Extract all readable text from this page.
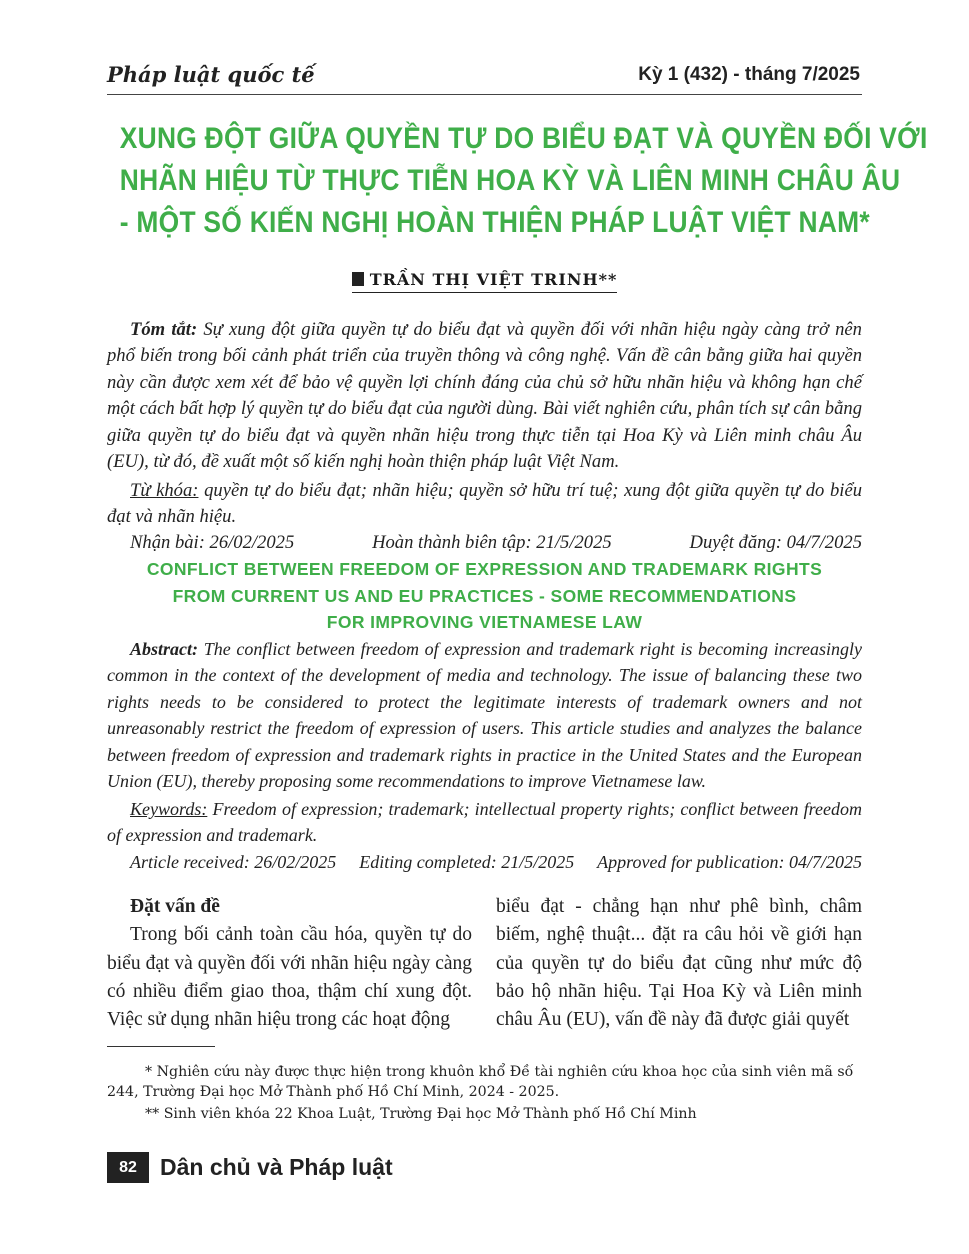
Pháp luật quốc tế	Kỳ 1 (432) - tháng 7/2025
XUNG ĐỘT GIỮA QUYỀN TỰ DO BIỂU ĐẠT VÀ QUYỀN ĐỐI VỚI
NHÃN HIỆU TỪ THỰC TIỄN HOA KỲ VÀ LIÊN MINH CHÂU ÂU
- MỘT SỐ KIẾN NGHỊ HOÀN THIỆN PHÁP LUẬT VIỆT NAM*
TRẦN THỊ VIỆT TRINH**
Tóm tắt: Sự xung đột giữa quyền tự do biểu đạt và quyền đối với nhãn hiệu ngày càng trở nên phổ biến trong bối cảnh phát triển của truyền thông và công nghệ. Vấn đề cân bằng giữa hai quyền này cần được xem xét để bảo vệ quyền lợi chính đáng của chủ sở hữu nhãn hiệu và không hạn chế một cách bất hợp lý quyền tự do biểu đạt của người dùng. Bài viết nghiên cứu, phân tích sự cân bằng giữa quyền tự do biểu đạt và quyền nhãn hiệu trong thực tiễn tại Hoa Kỳ và Liên minh châu Âu (EU), từ đó, đề xuất một số kiến nghị hoàn thiện pháp luật Việt Nam.
Từ khóa: quyền tự do biểu đạt; nhãn hiệu; quyền sở hữu trí tuệ; xung đột giữa quyền tự do biểu đạt và nhãn hiệu.
Nhận bài: 26/02/2025	Hoàn thành biên tập: 21/5/2025	Duyệt đăng: 04/7/2025
CONFLICT BETWEEN FREEDOM OF EXPRESSION AND TRADEMARK RIGHTS
FROM CURRENT US AND EU PRACTICES - SOME RECOMMENDATIONS
FOR IMPROVING VIETNAMESE LAW
Abstract: The conflict between freedom of expression and trademark right is becoming increasingly common in the context of the development of media and technology. The issue of balancing these two rights needs to be considered to protect the legitimate interests of trademark owners and not unreasonably restrict the freedom of expression of users. This article studies and analyzes the balance between freedom of expression and trademark rights in practice in the United States and the European Union (EU), thereby proposing some recommendations to improve Vietnamese law.
Keywords: Freedom of expression; trademark; intellectual property rights; conflict between freedom of expression and trademark.
Article received: 26/02/2025 Editing completed: 21/5/2025 Approved for publication: 04/7/2025
Đặt vấn đề
Trong bối cảnh toàn cầu hóa, quyền tự do biểu đạt và quyền đối với nhãn hiệu ngày càng có nhiều điểm giao thoa, thậm chí xung đột. Việc sử dụng nhãn hiệu trong các hoạt động
biểu đạt - chẳng hạn như phê bình, châm biếm, nghệ thuật... đặt ra câu hỏi về giới hạn của quyền tự do biểu đạt cũng như mức độ bảo hộ nhãn hiệu. Tại Hoa Kỳ và Liên minh châu Âu (EU), vấn đề này đã được giải quyết
* Nghiên cứu này được thực hiện trong khuôn khổ Đề tài nghiên cứu khoa học của sinh viên mã số 244, Trường Đại học Mở Thành phố Hồ Chí Minh, 2024 - 2025.
** Sinh viên khóa 22 Khoa Luật, Trường Đại học Mở Thành phố Hồ Chí Minh
82	Dân chủ và Pháp luật
